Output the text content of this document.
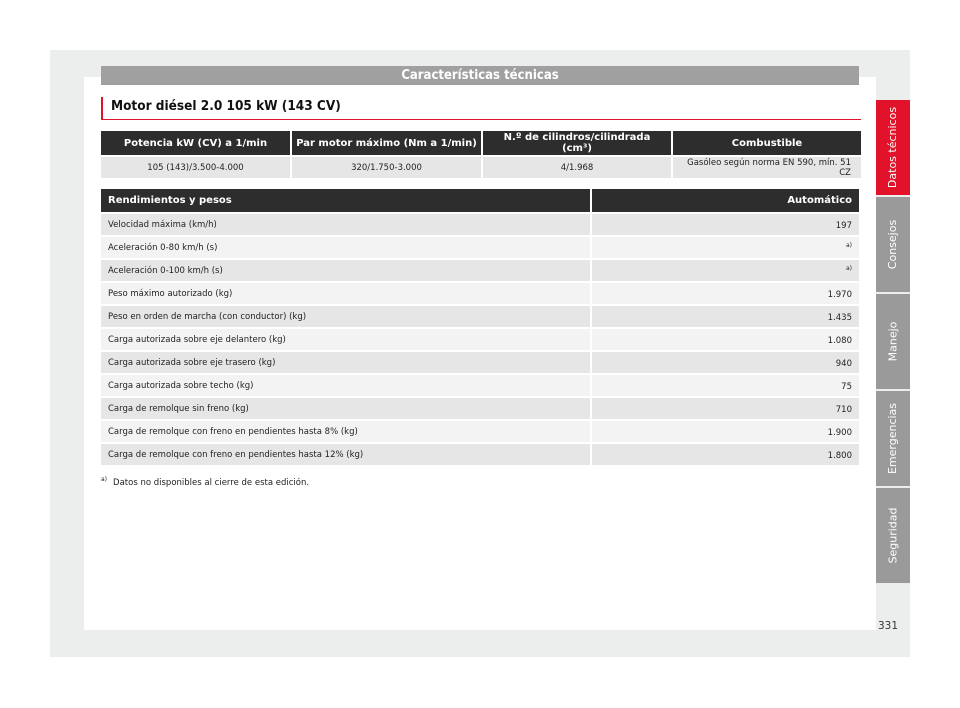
Características técnicas
Motor diésel 2.0 105 kW (143 CV)
Potencia kW (CV) a 1/min	Par motor máximo (Nm a 1/min)	N.º de cilindros/cilindrada (cm³)	Combustible
105 (143)/3.500-4.000	320/1.750-3.000	4/1.968	Gasóleo según norma EN 590, mín. 51 CZ
Rendimientos y pesos	Automático
Velocidad máxima (km/h)	197
Aceleración 0-80 km/h (s)	$^{a)}$
Aceleración 0-100 km/h (s)	$^{a)}$
Peso máximo autorizado (kg)	1.970
Peso en orden de marcha (con conductor) (kg)	1.435
Carga autorizada sobre eje delantero (kg)	1.080
Carga autorizada sobre eje trasero (kg)	940
Carga autorizada sobre techo (kg)	75
Carga de remolque sin freno (kg)	710
Carga de remolque con freno en pendientes hasta 8% (kg)	1.900
Carga de remolque con freno en pendientes hasta 12% (kg)	1.800
$^{a)}$ Datos no disponibles al cierre de esta edición.
Datos técnicos
Consejos
Manejo
Emergencias
Seguridad
331
